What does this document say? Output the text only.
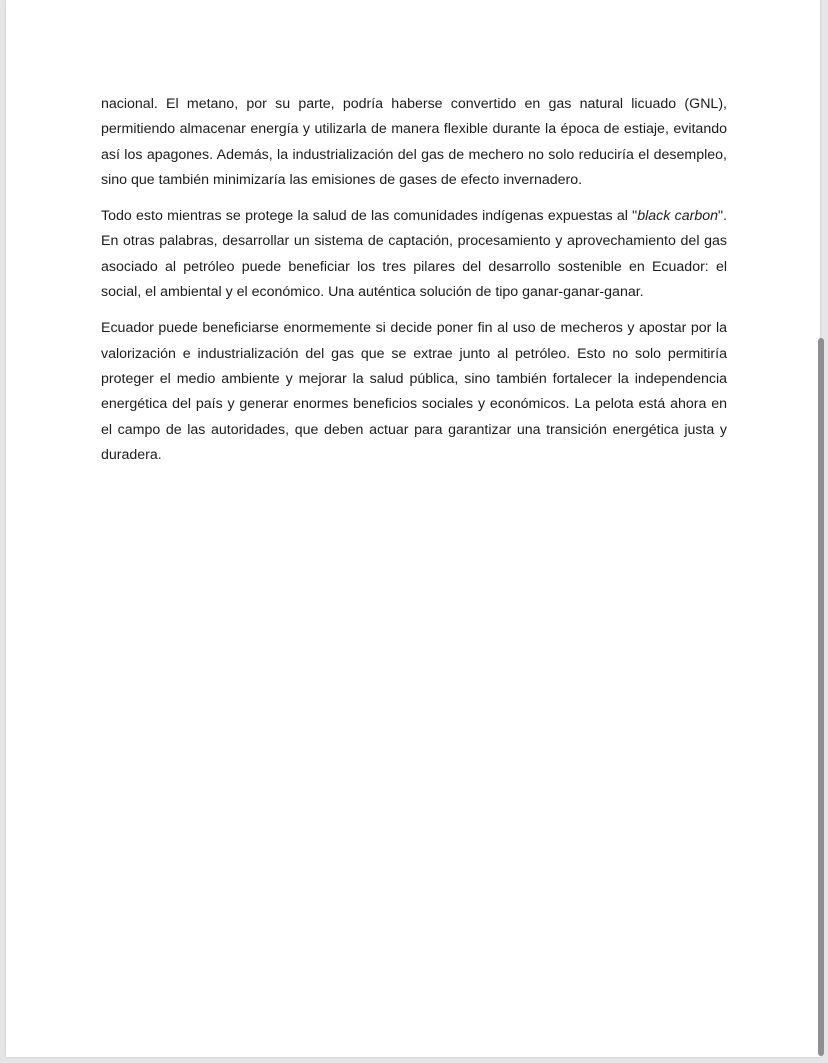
nacional. El metano, por su parte, podría haberse convertido en gas natural licuado (GNL), permitiendo almacenar energía y utilizarla de manera flexible durante la época de estiaje, evitando así los apagones. Además, la industrialización del gas de mechero no solo reduciría el desempleo, sino que también minimizaría las emisiones de gases de efecto invernadero.

Todo esto mientras se protege la salud de las comunidades indígenas expuestas al "black carbon". En otras palabras, desarrollar un sistema de captación, procesamiento y aprovechamiento del gas asociado al petróleo puede beneficiar los tres pilares del desarrollo sostenible en Ecuador: el social, el ambiental y el económico. Una auténtica solución de tipo ganar-ganar-ganar.

Ecuador puede beneficiarse enormemente si decide poner fin al uso de mecheros y apostar por la valorización e industrialización del gas que se extrae junto al petróleo. Esto no solo permitiría proteger el medio ambiente y mejorar la salud pública, sino también fortalecer la independencia energética del país y generar enormes beneficios sociales y económicos. La pelota está ahora en el campo de las autoridades, que deben actuar para garantizar una transición energética justa y duradera.
